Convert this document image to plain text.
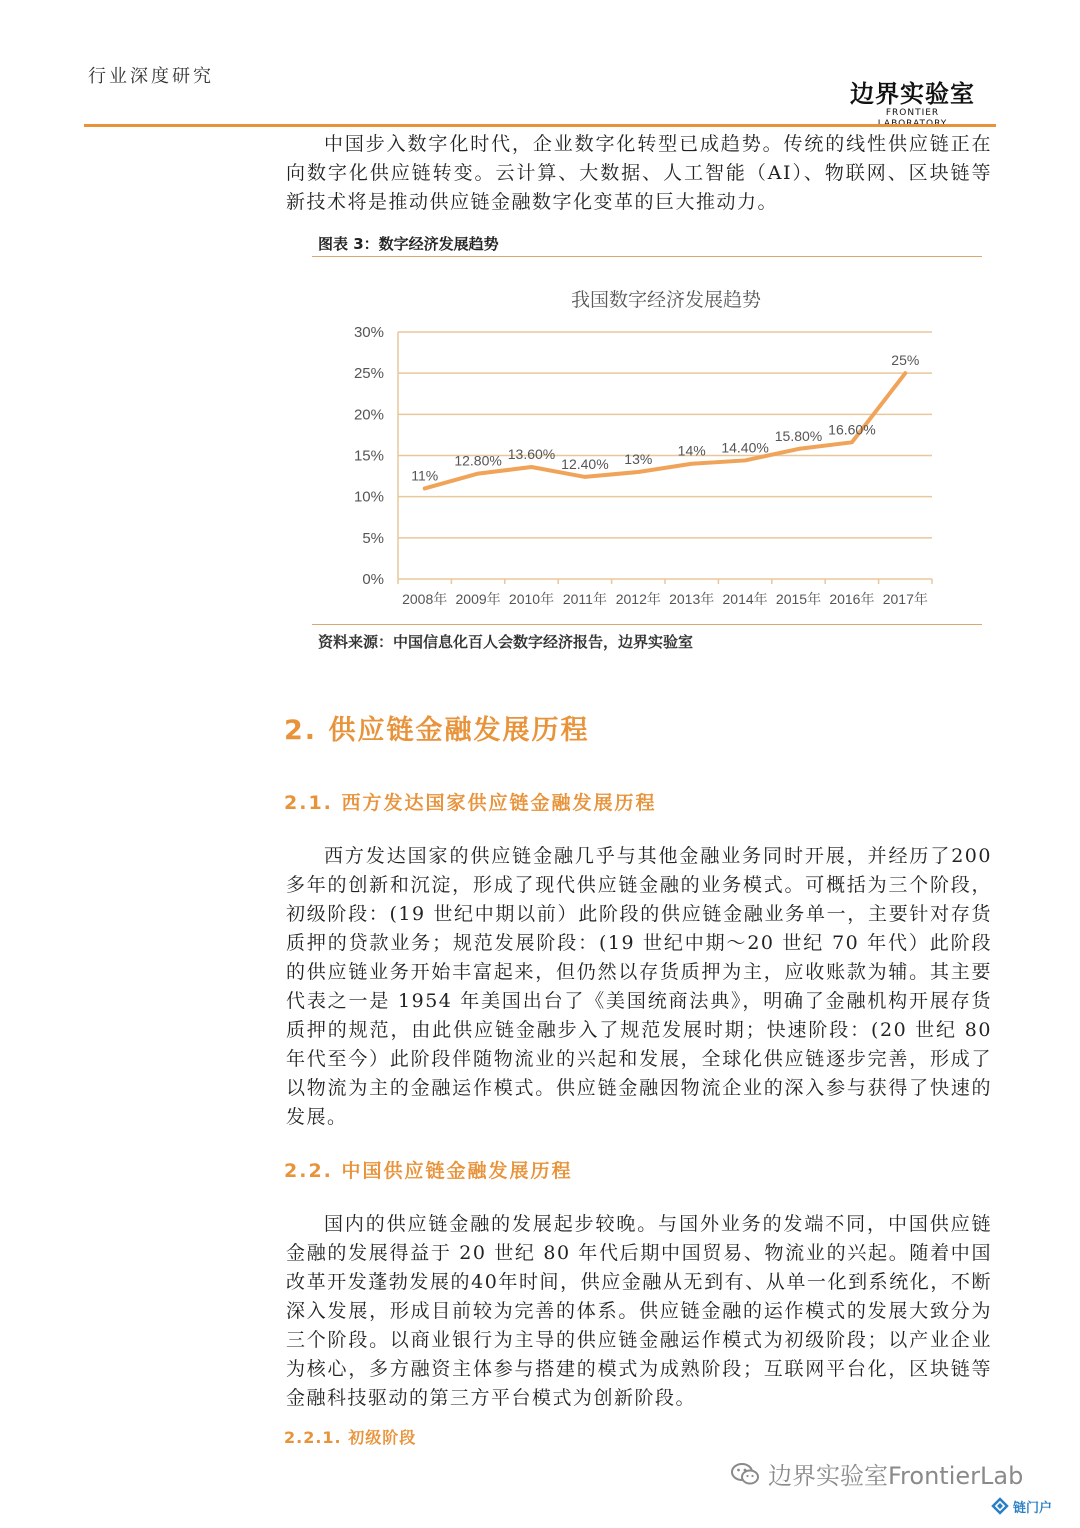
行业深度研究
边界实验室
FRONTIER

中国步入数字化时代，企业数字化转型已成趋势。传统的线性供应链正在向数字化供应链转变。云计算、大数据、人工智能（AI）、物联网、区块链等新技术将是推动供应链金融数字化变革的巨大推动力。

图表 3：数字经济发展趋势
我国数字经济发展趋势
0%
5%
10%
15%
20%
25%
30%
2008年 2009年 2010年 2011年 2012年 2013年 2014年 2015年 2016年 2017年
11%
12.80% 13.60%
12.40% 13%
14% 14.40%
15.80% 16.60%
25%
资料来源：中国信息化百人会数字经济报告，边界实验室
2. 供应链金融发展历程
2.1. 西方发达国家供应链金融发展历程

西方发达国家的供应链金融几乎与其他金融业务同时开展，并经历了200 多年的创新和沉淀，形成了现代供应链金融的业务模式。可概括为三个阶段，初级阶段：(19 世纪中期以前）此阶段的供应链金融业务单一，主要针对存货质押的贷款业务；规范发展阶段：(19 世纪中期～20 世纪 70 年代）此阶段的供应链业务开始丰富起来，但仍然以存货质押为主，应收账款为辅。其主要代表之一是 1954 年美国出台了《美国统商法典》，明确了金融机构开展存货质押的规范，由此供应链金融步入了规范发展时期；快速阶段：(20 世纪 80 年代至今）此阶段伴随物流业的兴起和发展，全球化供应链逐步完善，形成了以物流为主的金融运作模式。供应链金融因物流企业的深入参与获得了快速的发展。

2.2. 中国供应链金融发展历程

国内的供应链金融的发展起步较晚。与国外业务的发端不同，中国供应链金融的发展得益于 20 世纪 80 年代后期中国贸易、物流业的兴起。随着中国改革开发蓬勃发展的40年时间，供应金融从无到有、从单一化到系统化，不断深入发展，形成目前较为完善的体系。供应链金融的运作模式的发展大致分为三个阶段。以商业银行为主导的供应链金融运作模式为初级阶段；以产业企业为核心，多方融资主体参与搭建的模式为成熟阶段；互联网平台化，区块链等金融科技驱动的第三方平台模式为创新阶段。

2.2.1. 初级阶段
边界实验室FrontierLab
链门户
